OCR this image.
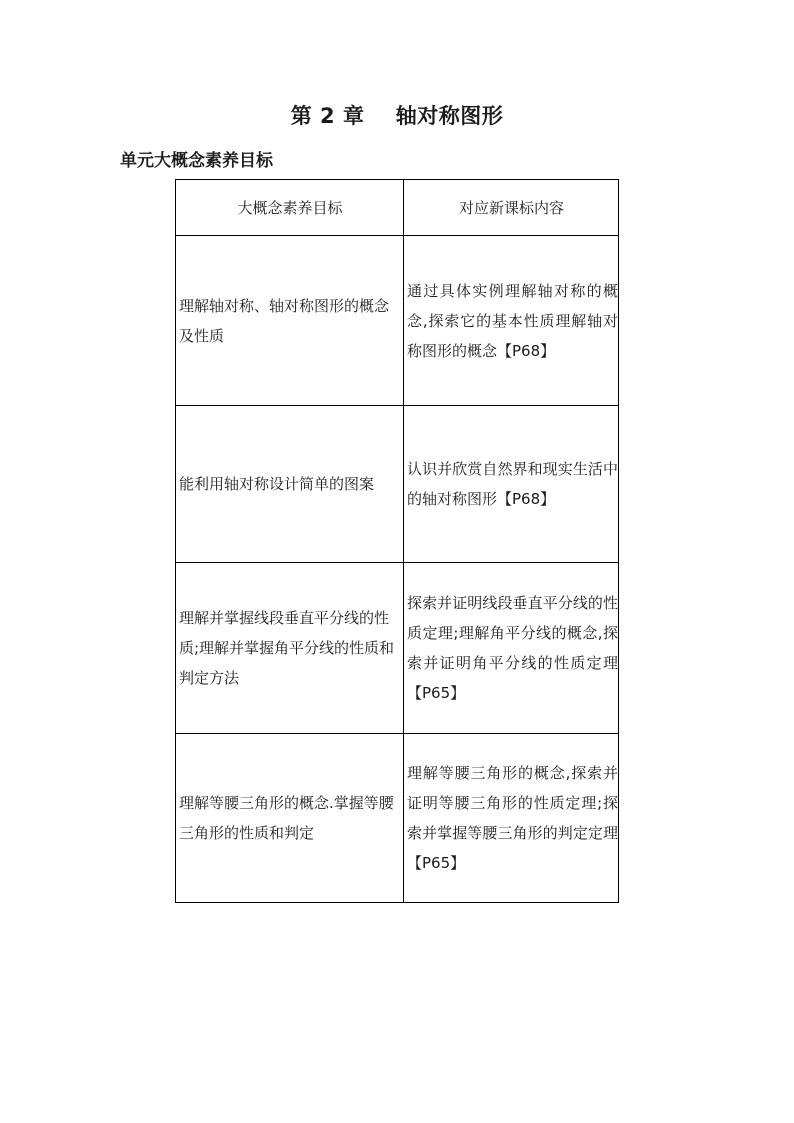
第 2 章    轴对称图形
单元大概念素养目标
大概念素养目标	对应新课标内容
理解轴对称、轴对称图形的概念及性质	通过具体实例理解轴对称的概念,探索它的基本性质理解轴对称图形的概念【P68】
能利用轴对称设计简单的图案	认识并欣赏自然界和现实生活中的轴对称图形【P68】
理解并掌握线段垂直平分线的性质;理解并掌握角平分线的性质和判定方法	探索并证明线段垂直平分线的性质定理;理解角平分线的概念,探索并证明角平分线的性质定理【P65】
理解等腰三角形的概念.掌握等腰三角形的性质和判定	理解等腰三角形的概念,探索并证明等腰三角形的性质定理;探索并掌握等腰三角形的判定定理【P65】
